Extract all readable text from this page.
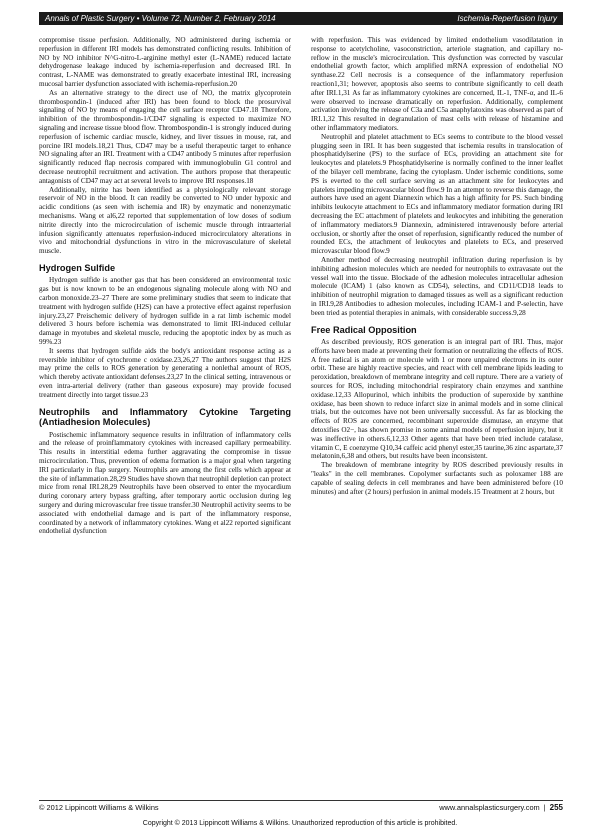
Annals of Plastic Surgery • Volume 72, Number 2, February 2014	Ischemia-Reperfusion Injury

compromise tissue perfusion. Additionally, NO administered during ischemia or reperfusion in different IRI models has demonstrated conflicting results. Inhibition of NO by NO inhibitor N^G-nitro-L-arginine methyl ester (L-NAME) reduced lactate dehydrogenase leakage induced by ischemia-reperfusion and decreased IRI. In contrast, L-NAME was demonstrated to greatly exacerbate intestinal IRI, increasing mucosal barrier dysfunction associated with ischemia-reperfusion.20

As an alternative strategy to the direct use of NO, the matrix glycoprotein thrombospondin-1 (induced after IRI) has been found to block the prosurvival signaling of NO by means of engaging the cell surface receptor CD47.18 Therefore, inhibition of the thrombospondin-1/CD47 signaling is expected to maximize NO signaling and increase tissue blood flow. Thrombospondin-1 is strongly induced during reperfusion of ischemic cardiac muscle, kidney, and liver tissues in mouse, rat, and porcine IRI models.18,21 Thus, CD47 may be a useful therapeutic target to enhance NO signaling after an IRI. Treatment with a CD47 antibody 5 minutes after reperfusion significantly reduced flap necrosis compared with immunoglobulin G1 control and decrease neutrophil recruitment and activation. The authors propose that therapeutic antagonists of CD47 may act at several levels to improve IRI responses.18

Additionally, nitrite has been identified as a physiologically relevant storage reservoir of NO in the blood. It can readily be converted to NO under hypoxic and acidic conditions (as seen with ischemia and IR) by enzymatic and nonenzymatic mechanisms. Wang et al6,22 reported that supplementation of low doses of sodium nitrite directly into the microcirculation of ischemic muscle through intraarterial infusion significantly attenuates reperfusion-induced microcirculatory alterations in vivo and mitochondrial dysfunctions in vitro in the microvasculature of skeletal muscle.

Hydrogen Sulfide

Hydrogen sulfide is another gas that has been considered an environmental toxic gas but is now known to be an endogenous signaling molecule along with NO and carbon monoxide.23–27 There are some preliminary studies that seem to indicate that treatment with hydrogen sulfide (H2S) can have a protective effect against reperfusion injury.23,27 Preischemic delivery of hydrogen sulfide in a rat limb ischemic model delivered 3 hours before ischemia was demonstrated to limit IRI-induced cellular damage in myotubes and skeletal muscle, reducing the apoptotic index by as much as 99%.23

It seems that hydrogen sulfide aids the body's antioxidant response acting as a reversible inhibitor of cytochrome c oxidase.23,26,27 The authors suggest that H2S may prime the cells to ROS generation by generating a nonlethal amount of ROS, which thereby activate antioxidant defenses.23,27 In the clinical setting, intravenous or even intra-arterial delivery (rather than gaseous exposure) may provide focused treatment directly into target tissue.23

Neutrophils and Inflammatory Cytokine Targeting (Antiadhesion Molecules)

Postischemic inflammatory sequence results in infiltration of inflammatory cells and the release of proinflammatory cytokines with increased capillary permeability. This results in interstitial edema further aggravating the compromise in tissue microcirculation. Thus, prevention of edema formation is a major goal when targeting IRI particularly in flap surgery. Neutrophils are among the first cells which appear at the site of inflammation.28,29 Studies have shown that neutrophil depletion can protect mice from renal IRI.28,29 Neutrophils have been observed to enter the myocardium during coronary artery bypass grafting, after temporary aortic occlusion during leg surgery and during microvascular free tissue transfer.30 Neutrophil activity seems to be associated with endothelial damage and is part of the inflammatory response, coordinated by a network of inflammatory cytokines. Wang et al22 reported significant endothelial dysfunction

with reperfusion. This was evidenced by limited endothelium vasodilatation in response to acetylcholine, vasoconstriction, arteriole stagnation, and capillary no-reflow in the muscle's microcirculation. This dysfunction was corrected by vascular endothelial growth factor, which amplified mRNA expression of endothelial NO synthase.22 Cell necrosis is a consequence of the inflammatory reperfusion reaction1,31; however, apoptosis also seems to contribute significantly to cell death after IRI.1,31 As far as inflammatory cytokines are concerned, IL-1, TNF-α, and IL-6 were observed to increase dramatically on reperfusion. Additionally, complement activation involving the release of C3a and C5a anaphylatoxins was observed as part of IRI.1,32 This resulted in degranulation of mast cells with release of histamine and other inflammatory mediators.

Neutrophil and platelet attachment to ECs seems to contribute to the blood vessel plugging seen in IRI. It has been suggested that ischemia results in translocation of phosphatidylserine (PS) to the surface of ECs, providing an attachment site for leukocytes and platelets.9 Phosphatidylserine is normally confined to the inner leaflet of the bilayer cell membrane, facing the cytoplasm. Under ischemic conditions, some PS is everted to the cell surface serving as an attachment site for leukocytes and platelets impeding microvascular blood flow.9 In an attempt to reverse this damage, the authors have used an agent Diannexin which has a high affinity for PS. Such binding inhibits leukocyte attachment to ECs and inflammatory mediator formation during IRI decreasing the EC attachment of platelets and leukocytes and inhibiting the generation of inflammatory mediators.9 Diannexin, administered intravenously before arterial occlusion, or shortly after the onset of reperfusion, significantly reduced the number of rounded ECs, the attachment of leukocytes and platelets to ECs, and preserved microvascular blood flow.9

Another method of decreasing neutrophil infiltration during reperfusion is by inhibiting adhesion molecules which are needed for neutrophils to extravasate out the vessel wall into the tissue. Blockade of the adhesion molecules intracellular adhesion molecule (ICAM) 1 (also known as CD54), selectins, and CD11/CD18 leads to inhibition of neutrophil migration to damaged tissues as well as a significant reduction in IRI.9,28 Antibodies to adhesion molecules, including ICAM-1 and P-selectin, have been tried as potential therapies in animals, with considerable success.9,28

Free Radical Opposition

As described previously, ROS generation is an integral part of IRI. Thus, major efforts have been made at preventing their formation or neutralizing the effects of ROS. A free radical is an atom or molecule with 1 or more unpaired electrons in its outer orbit. These are highly reactive species, and react with cell membrane lipids leading to peroxidation, breakdown of membrane integrity and cell rupture. There are a variety of sources for ROS, including mitochondrial respiratory chain enzymes and xanthine oxidase.12,33 Allopurinol, which inhibits the production of superoxide by xanthine oxidase, has been shown to reduce infarct size in animal models and in some clinical trials, but the outcomes have not been universally successful. As far as blocking the effects of ROS are concerned, recombinant superoxide dismutase, an enzyme that detoxifies O2−, has shown promise in some animal models of reperfusion injury, but it was ineffective in others.6,12,33 Other agents that have been tried include catalase, vitamin C, E coenzyme Q10,34 caffeic acid phenyl ester,35 taurine,36 zinc aspartate,37 melatonin,6,38 and others, but results have been inconsistent.

The breakdown of membrane integrity by ROS described previously results in "leaks" in the cell membranes. Copolymer surfactants such as poloxamer 188 are capable of sealing defects in cell membranes and have been administered before (10 minutes) and after (2 hours) perfusion in animal models.15 Treatment at 2 hours, but

© 2012 Lippincott Williams & Wilkins	www.annalsplasticsurgery.com | 255
Copyright © 2013 Lippincott Williams & Wilkins. Unauthorized reproduction of this article is prohibited.
